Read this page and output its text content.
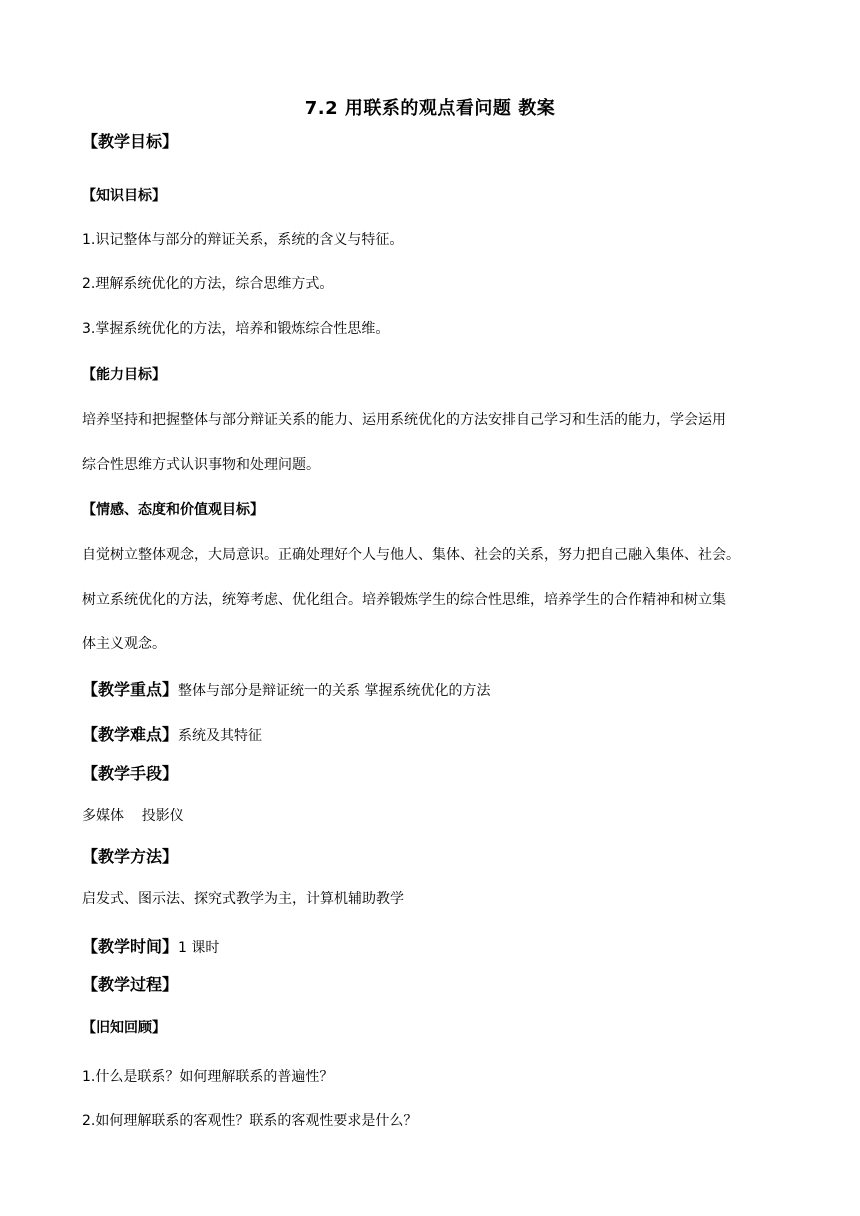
7.2 用联系的观点看问题 教案
【教学目标】
【知识目标】
1.识记整体与部分的辩证关系，系统的含义与特征。
2.理解系统优化的方法，综合思维方式。
3.掌握系统优化的方法，培养和锻炼综合性思维。
【能力目标】
培养坚持和把握整体与部分辩证关系的能力、运用系统优化的方法安排自己学习和生活的能力，学会运用
综合性思维方式认识事物和处理问题。
【情感、态度和价值观目标】
自觉树立整体观念，大局意识。正确处理好个人与他人、集体、社会的关系，努力把自己融入集体、社会。
树立系统优化的方法，统筹考虑、优化组合。培养锻炼学生的综合性思维，培养学生的合作精神和树立集
体主义观念。
【教学重点】整体与部分是辩证统一的关系 掌握系统优化的方法
【教学难点】系统及其特征
【教学手段】
多媒体    投影仪
【教学方法】
启发式、图示法、探究式教学为主，计算机辅助教学
【教学时间】1 课时
【教学过程】
【旧知回顾】
1.什么是联系？如何理解联系的普遍性？
2.如何理解联系的客观性？联系的客观性要求是什么？
